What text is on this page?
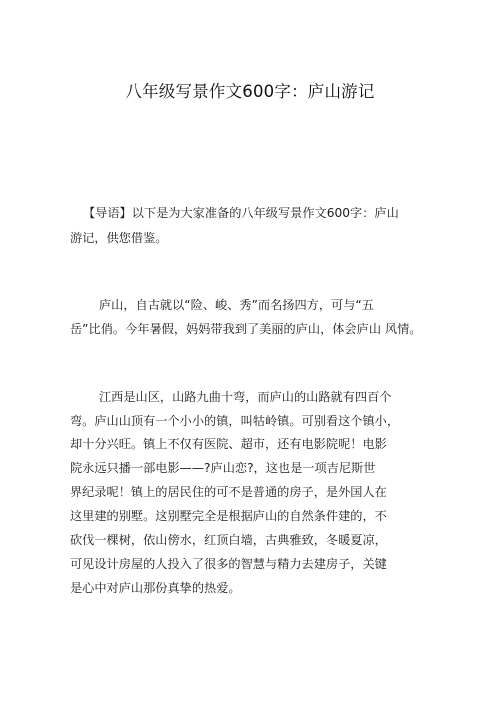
八年级写景作文600字：庐山游记
【导语】以下是为大家准备的八年级写景作文600字：庐山
游记，供您借鉴。
庐山，自古就以“险、峻、秀”而名扬四方，可与“五
岳”比俏。今年暑假，妈妈带我到了美丽的庐山，体会庐山 风情。
江西是山区，山路九曲十弯，而庐山的山路就有四百个
弯。庐山山顶有一个小小的镇，叫牯岭镇。可别看这个镇小，
却十分兴旺。镇上不仅有医院、超市，还有电影院呢！电影
院永远只播一部电影——?庐山恋?，这也是一项吉尼斯世
界纪录呢！镇上的居民住的可不是普通的房子，是外国人在
这里建的别墅。这别墅完全是根据庐山的自然条件建的，不
砍伐一棵树，依山傍水，红顶白墙，古典雅致，冬暖夏凉，
可见设计房屋的人投入了很多的智慧与精力去建房子，关键
是心中对庐山那份真挚的热爱。
